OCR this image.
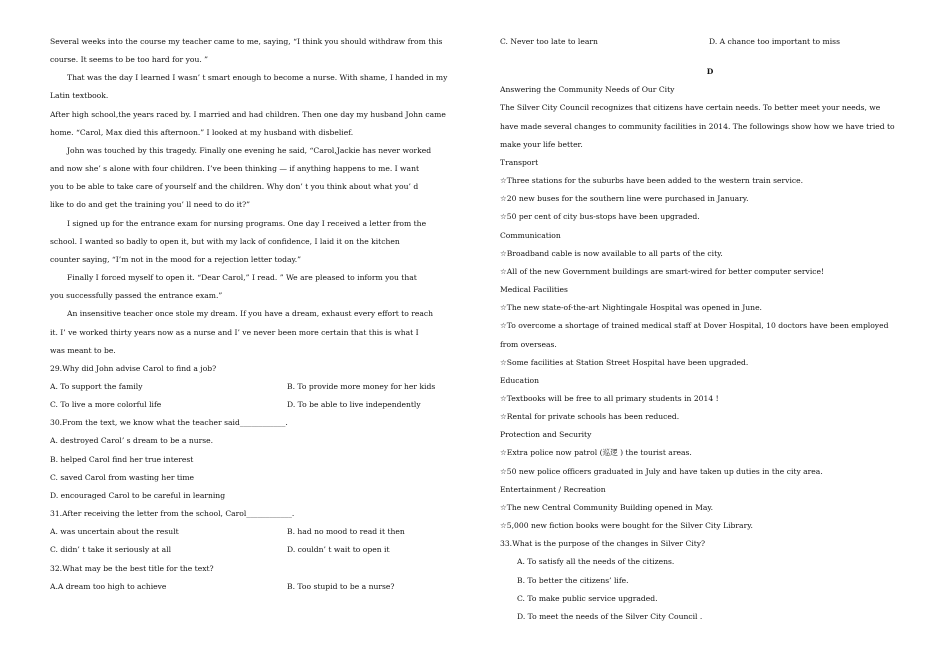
Several weeks into the course my teacher came to me, saying, “I think you should withdraw from this
course. It seems to be too hard for you. ”
That was the day I learned I wasn’ t smart enough to become a nurse. With shame, I handed in my
Latin textbook.
After high school,the years raced by. I married and had children. Then one day my husband John came
home. “Carol, Max died this afternoon.” I looked at my husband with disbelief.
John was touched by this tragedy. Finally one evening he said, “Carol,Jackie has never worked
and now she’ s alone with four children. I’ve been thinking — if anything happens to me. I want
you to be able to take care of yourself and the children. Why don’ t you think about what you’ d
like to do and get the training you’ ll need to do it?”
I signed up for the entrance exam for nursing programs. One day I received a letter from the
school. I wanted so badly to open it, but with my lack of confidence, I laid it on the kitchen
counter saying, “I’m not in the mood for a rejection letter today.”
Finally I forced myself to open it. “Dear Carol,” I read. ” We are pleased to inform you that
you successfully passed the entrance exam.”
An insensitive teacher once stole my dream. If you have a dream, exhaust every effort to reach
it. I’ ve worked thirty years now as a nurse and I’ ve never been more certain that this is what I
was meant to be.
29.Why did John advise Carol to find a job?
A. To support the family	B. To provide more money for her kids
C. To live a more colorful life	D. To be able to live independently
30.From the text, we know what the teacher said____________.
A. destroyed Carol’ s dream to be a nurse.
B. helped Carol find her true interest
C. saved Carol from wasting her time
D. encouraged Carol to be careful in learning
31.After receiving the letter from the school, Carol____________.
A. was uncertain about the result	B. had no mood to read it then
C. didn’ t take it seriously at all	D. couldn’ t wait to open it
32.What may be the best title for the text?
A.A dream too high to achieve	B. Too stupid to be a nurse?
C. Never too late to learn	D. A chance too important to miss
D
Answering the Community Needs of Our City
The Silver City Council recognizes that citizens have certain needs. To better meet your needs, we
have made several changes to community facilities in 2014. The followings show how we have tried to
make your life better.
Transport
☆Three stations for the suburbs have been added to the western train service.
☆20 new buses for the southern line were purchased in January.
☆50 per cent of city bus-stops have been upgraded.
Communication
☆Broadband cable is now available to all parts of the city.
☆All of the new Government buildings are smart-wired for better computer service!
Medical Facilities
☆The new state-of-the-art Nightingale Hospital was opened in June.
☆To overcome a shortage of trained medical staff at Dover Hospital, 10 doctors have been employed
from overseas.
☆Some facilities at Station Street Hospital have been upgraded.
Education
☆Textbooks will be free to all primary students in 2014 !
☆Rental for private schools has been reduced.
Protection and Security
☆Extra police now patrol (巡逻 ) the tourist areas.
☆50 new police officers graduated in July and have taken up duties in the city area.
Entertainment / Recreation
☆The new Central Community Building opened in May.
☆5,000 new fiction books were bought for the Silver City Library.
33.What is the purpose of the changes in Silver City?
A. To satisfy all the needs of the citizens.
B. To better the citizens’ life.
C. To make public service upgraded.
D. To meet the needs of the Silver City Council .
